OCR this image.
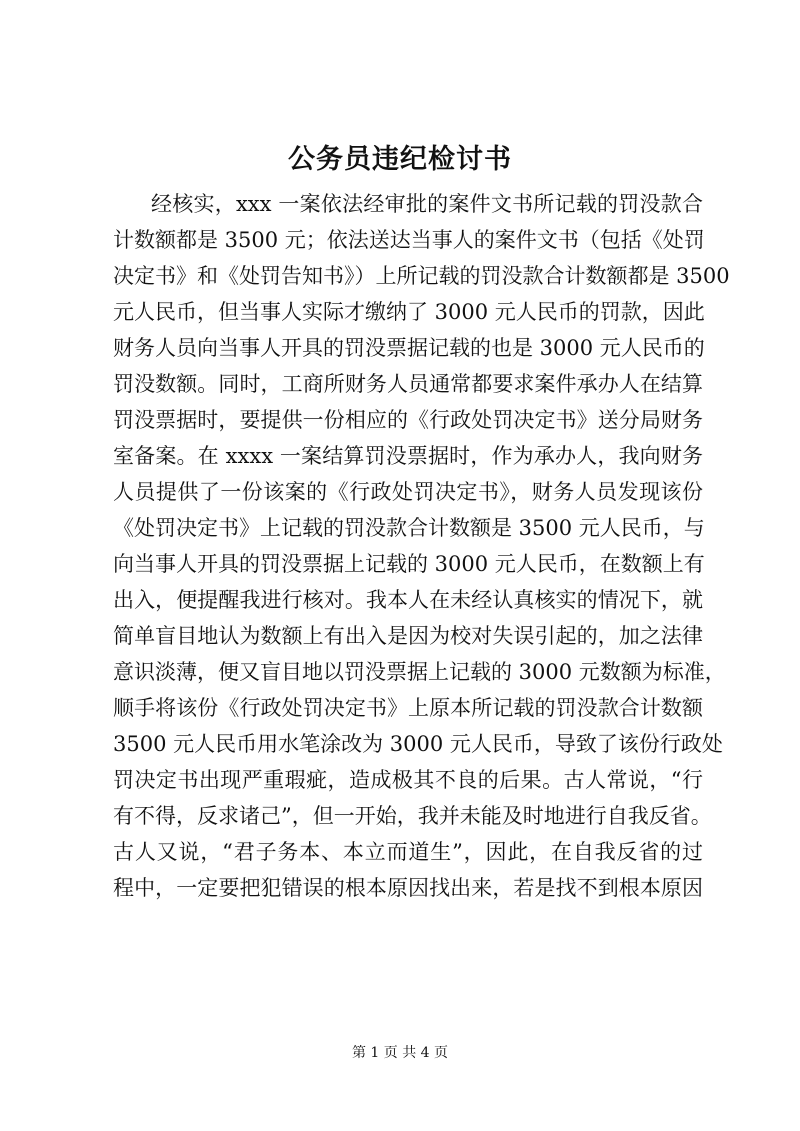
公务员违纪检讨书
经核实，xxx 一案依法经审批的案件文书所记载的罚没款合
计数额都是 3500 元；依法送达当事人的案件文书（包括《处罚
决定书》和《处罚告知书》）上所记载的罚没款合计数额都是 3500
元人民币，但当事人实际才缴纳了 3000 元人民币的罚款，因此
财务人员向当事人开具的罚没票据记载的也是 3000 元人民币的
罚没数额。同时，工商所财务人员通常都要求案件承办人在结算
罚没票据时，要提供一份相应的《行政处罚决定书》送分局财务
室备案。在 xxxx 一案结算罚没票据时，作为承办人，我向财务
人员提供了一份该案的《行政处罚决定书》，财务人员发现该份
《处罚决定书》上记载的罚没款合计数额是 3500 元人民币，与
向当事人开具的罚没票据上记载的 3000 元人民币，在数额上有
出入，便提醒我进行核对。我本人在未经认真核实的情况下，就
简单盲目地认为数额上有出入是因为校对失误引起的，加之法律
意识淡薄，便又盲目地以罚没票据上记载的 3000 元数额为标准，
顺手将该份《行政处罚决定书》上原本所记载的罚没款合计数额
3500 元人民币用水笔涂改为 3000 元人民币，导致了该份行政处
罚决定书出现严重瑕疵，造成极其不良的后果。古人常说，“行
有不得，反求诸己”，但一开始，我并未能及时地进行自我反省。
古人又说，“君子务本、本立而道生”，因此，在自我反省的过
程中，一定要把犯错误的根本原因找出来，若是找不到根本原因
第 1 页 共 4 页
